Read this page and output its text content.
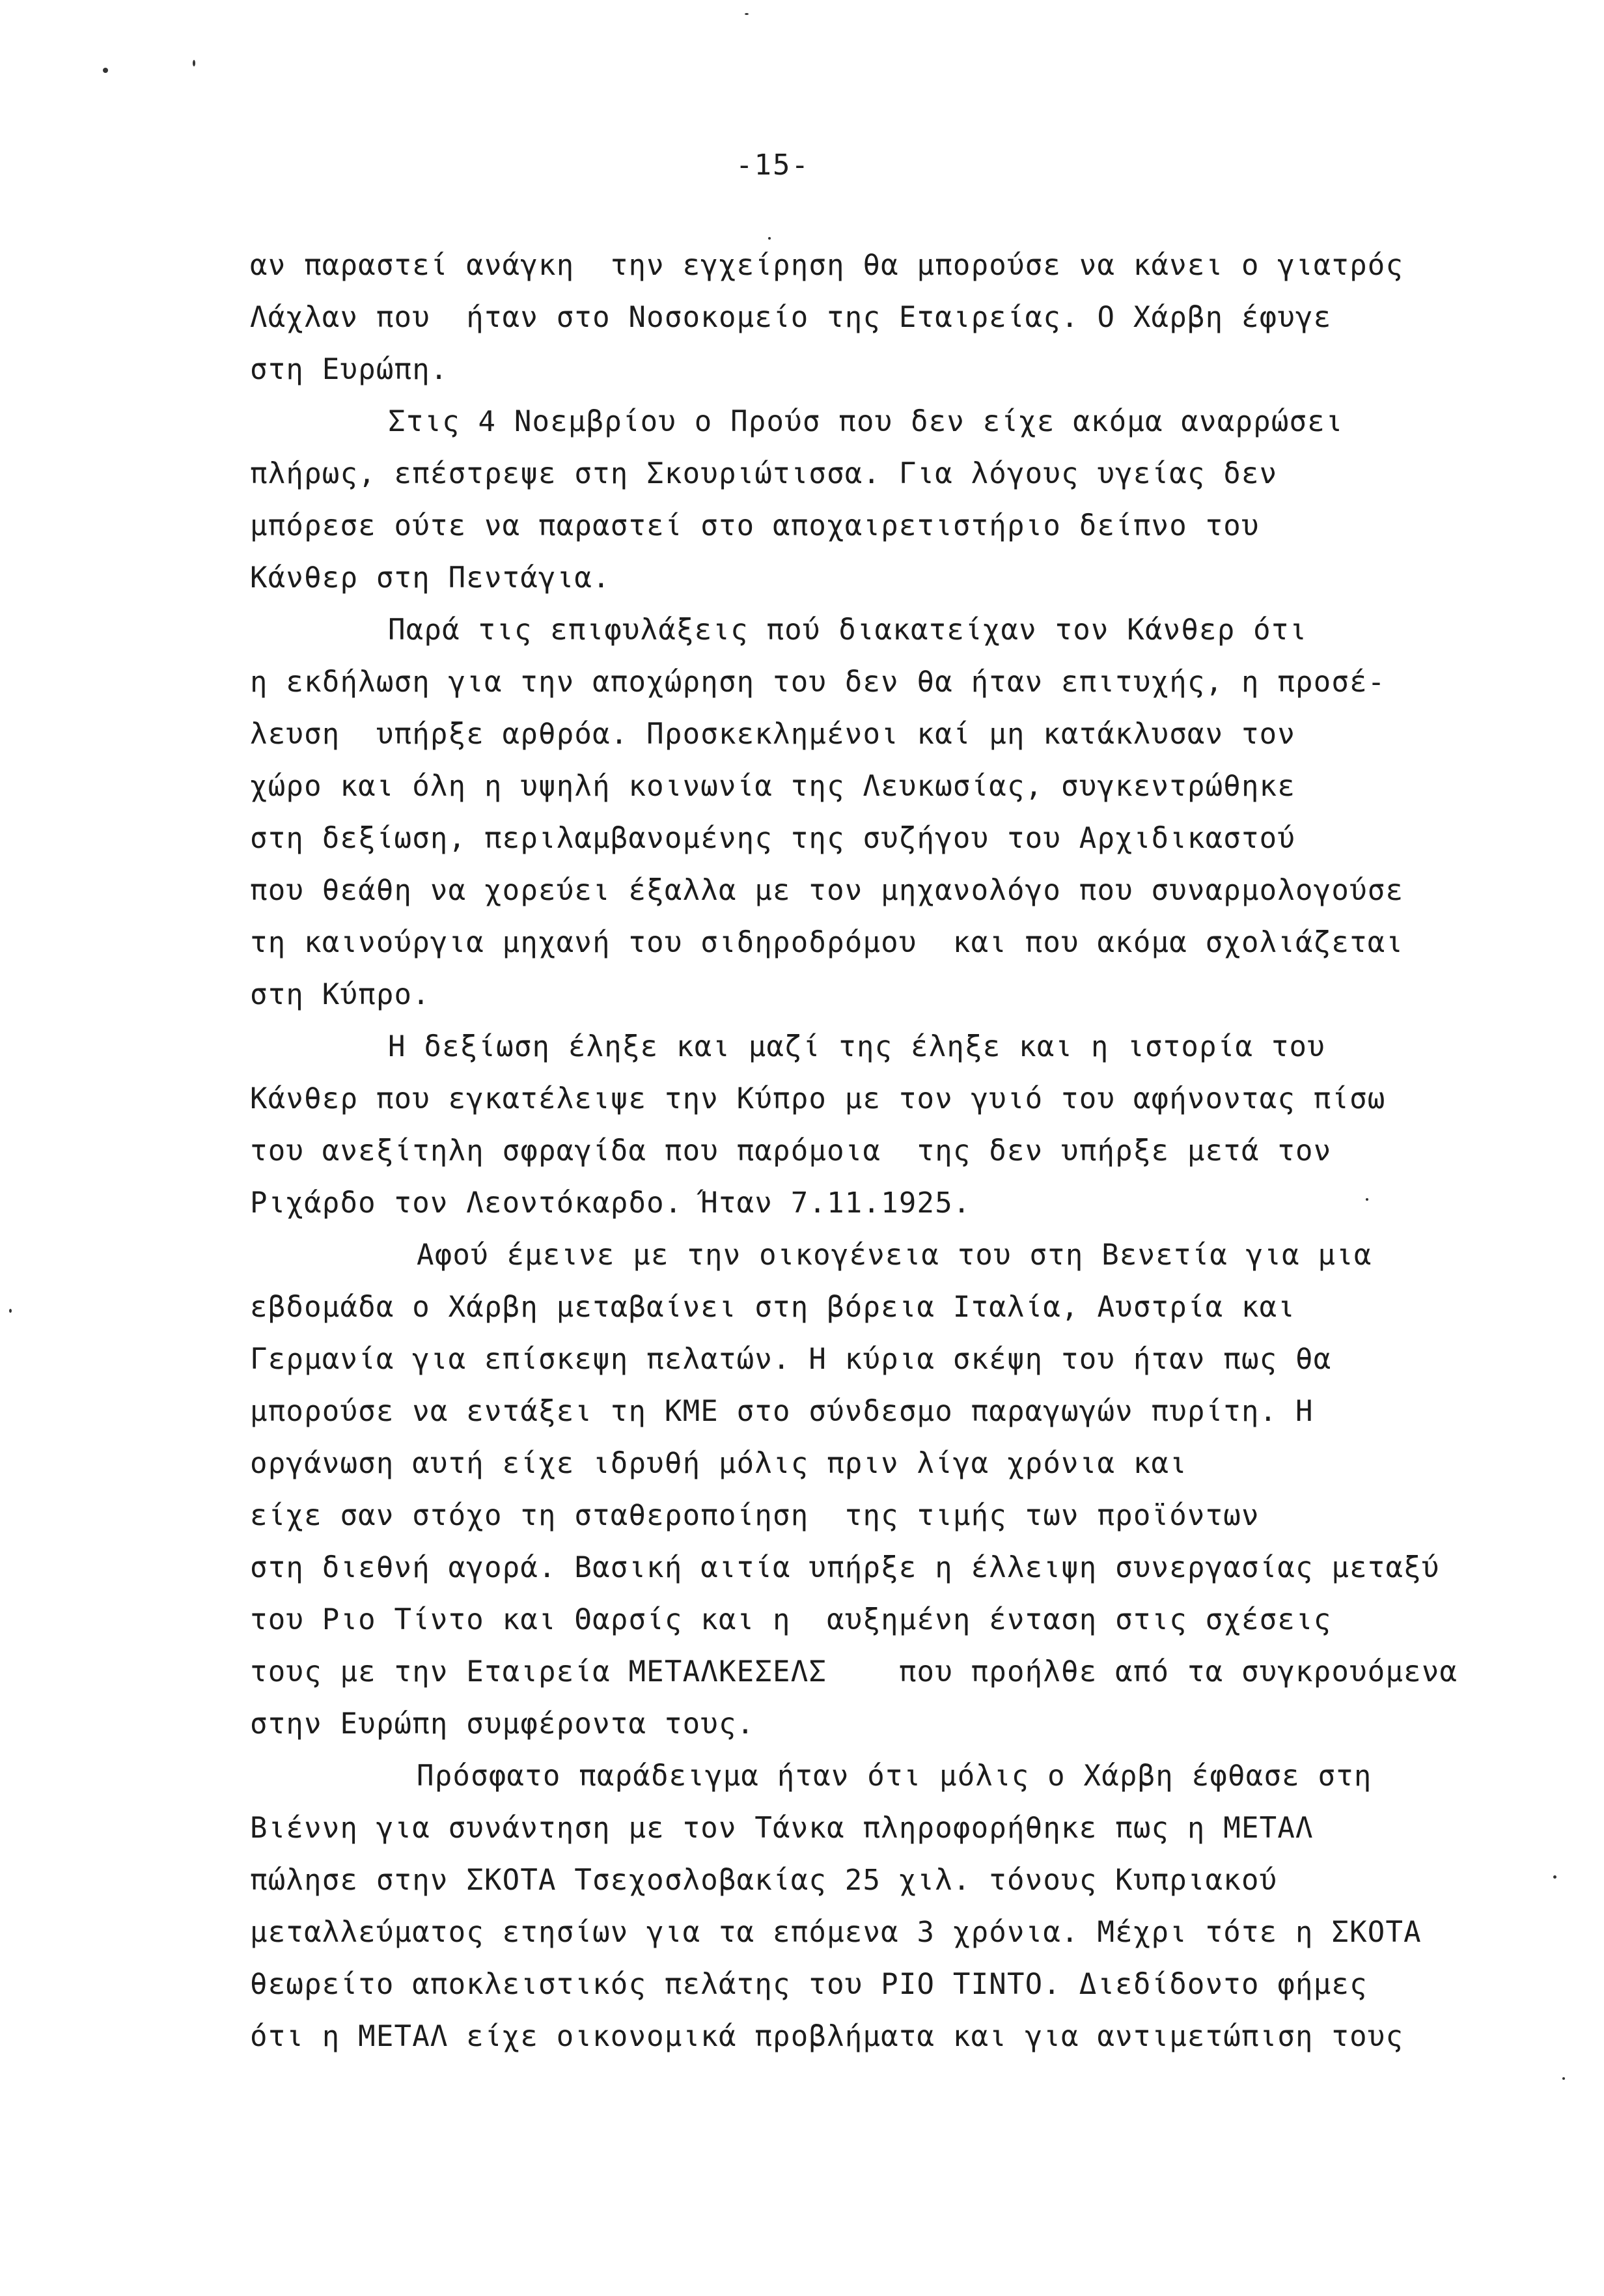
-15-
αν παραστεί ανάγκη  την εγχείρηση θα μπορούσε να κάνει ο γιατρός
Λάχλαν που  ήταν στο Νοσοκομείο της Εταιρείας. Ο Χάρβη έφυγε
στη Ευρώπη.
Στις 4 Νοεμβρίου ο Προύσ που δεν είχε ακόμα αναρρώσει
πλήρως, επέστρεψε στη Σκουριώτισσα. Για λόγους υγείας δεν
μπόρεσε ούτε να παραστεί στο αποχαιρετιστήριο δείπνο του
Κάνθερ στη Πεντάγια.
Παρά τις επιφυλάξεις πού διακατείχαν τον Κάνθερ ότι
η εκδήλωση για την αποχώρηση του δεν θα ήταν επιτυχής, η προσέ-
λευση  υπήρξε αρθρόα. Προσκεκλημένοι καί μη κατάκλυσαν τον
χώρο και όλη η υψηλή κοινωνία της Λευκωσίας, συγκεντρώθηκε
στη δεξίωση, περιλαμβανομένης της συζήγου του Αρχιδικαστού
που θεάθη να χορεύει έξαλλα με τον μηχανολόγο που συναρμολογούσε
τη καινούργια μηχανή του σιδηροδρόμου  και που ακόμα σχολιάζεται
στη Κύπρο.
Η δεξίωση έληξε και μαζί της έληξε και η ιστορία του
Κάνθερ που εγκατέλειψε την Κύπρο με τον γυιό του αφήνοντας πίσω
του ανεξίτηλη σφραγίδα που παρόμοια  της δεν υπήρξε μετά τον
Ριχάρδο τον Λεοντόκαρδο. Ήταν 7.11.1925.
Αφού έμεινε με την οικογένεια του στη Βενετία για μια
εβδομάδα ο Χάρβη μεταβαίνει στη βόρεια Ιταλία, Αυστρία και
Γερμανία για επίσκεψη πελατών. Η κύρια σκέψη του ήταν πως θα
μπορούσε να εντάξει τη ΚΜΕ στο σύνδεσμο παραγωγών πυρίτη. Η
οργάνωση αυτή είχε ιδρυθή μόλις πριν λίγα χρόνια και
είχε σαν στόχο τη σταθεροποίηση  της τιμής των προϊόντων
στη διεθνή αγορά. Βασική αιτία υπήρξε η έλλειψη συνεργασίας μεταξύ
του Ριο Τίντο και Θαρσίς και η  αυξημένη ένταση στις σχέσεις
τους με την Εταιρεία ΜΕΤΑΛΚΕΣΕΛΣ    που προήλθε από τα συγκρουόμενα
στην Ευρώπη συμφέροντα τους.
Πρόσφατο παράδειγμα ήταν ότι μόλις ο Χάρβη έφθασε στη
Βιέννη για συνάντηση με τον Τάνκα πληροφορήθηκε πως η ΜΕΤΑΛ
πώλησε στην ΣΚΟΤΑ Τσεχοσλοβακίας 25 χιλ. τόνους Κυπριακού
μεταλλεύματος ετησίων για τα επόμενα 3 χρόνια. Μέχρι τότε η ΣΚΟΤΑ
θεωρείτο αποκλειστικός πελάτης του ΡΙΟ ΤΙΝΤΟ. Διεδίδοντο φήμες
ότι η ΜΕΤΑΛ είχε οικονομικά προβλήματα και για αντιμετώπιση τους
